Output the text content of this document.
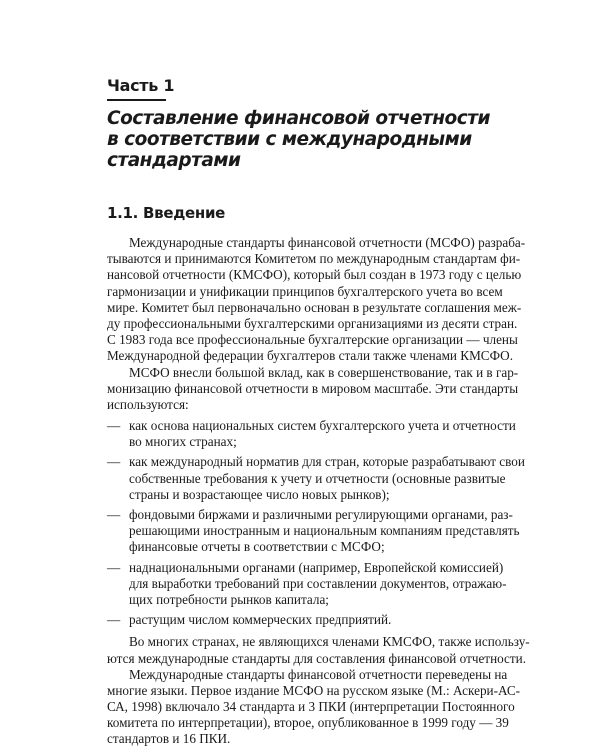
Часть 1
Составление финансовой отчетности
в соответствии с международными
стандартами
1.1. Введение
Международные стандарты финансовой отчетности (МСФО) разраба-
тываются и принимаются Комитетом по международным стандартам фи-
нансовой отчетности (КМСФО), который был создан в 1973 году с целью
гармонизации и унификации принципов бухгалтерского учета во всем
мире. Комитет был первоначально основан в результате соглашения меж-
ду профессиональными бухгалтерскими организациями из десяти стран.
С 1983 года все профессиональные бухгалтерские организации — члены
Международной федерации бухгалтеров стали также членами КМСФО.
МСФО внесли большой вклад, как в совершенствование, так и в гар-
монизацию финансовой отчетности в мировом масштабе. Эти стандарты
используются:
— как основа национальных систем бухгалтерского учета и отчетности
во многих странах;
— как международный норматив для стран, которые разрабатывают свои
собственные требования к учету и отчетности (основные развитые
страны и возрастающее число новых рынков);
— фондовыми биржами и различными регулирующими органами, раз-
решающими иностранным и национальным компаниям представлять
финансовые отчеты в соответствии с МСФО;
— наднациональными органами (например, Европейской комиссией)
для выработки требований при составлении документов, отражаю-
щих потребности рынков капитала;
— растущим числом коммерческих предприятий.
Во многих странах, не являющихся членами КМСФО, также использу-
ются международные стандарты для составления финансовой отчетности.
Международные стандарты финансовой отчетности переведены на
многие языки. Первое издание МСФО на русском языке (М.: Аскери-АС-
СА, 1998) включало 34 стандарта и 3 ПКИ (интерпретации Постоянного
комитета по интерпретации), второе, опубликованное в 1999 году — 39
стандартов и 16 ПКИ.
